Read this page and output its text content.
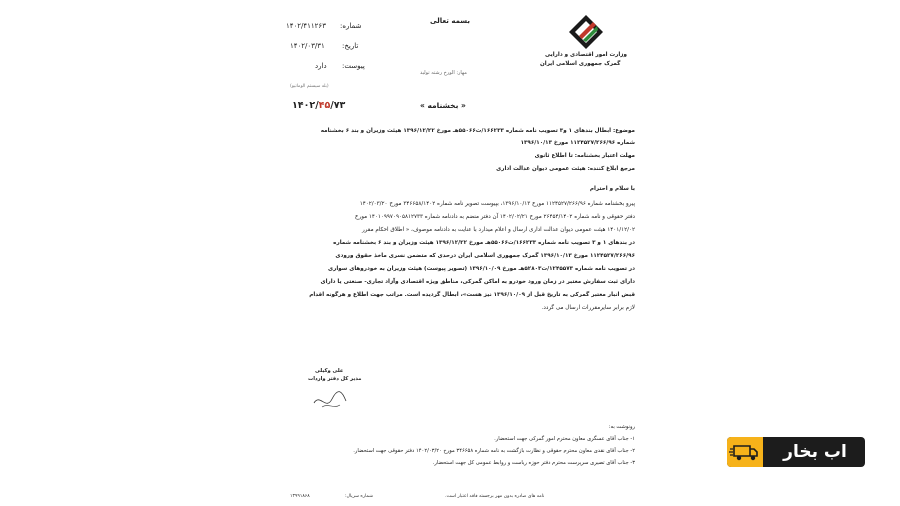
بسمه تعالی
وزارت امور اقتصادی و دارایی
گمرک جمهوری اسلامی ایران
شماره:
۱۴۰۲/۴۱۱۲۶۳
تاریخ:
۱۴۰۲/۰۳/۳۱
پیوست:
دارد
مهار: الورخ رشته تولید
(بله سیستم الوماتیو)
۱۴۰۲/۴۵/۷۳	« بخشنامه »
موضوع: ابطال بندهای ۱ و۳ تصویب نامه شماره ۱۶۶۲۳۳/ت۵۵۰۶۶هـ مورخ ۱۳۹۶/۱۲/۲۲ هیئت وزیران و بند ۶ بخشنامه
شماره ۱۱۲۴۵۲۷/۲۶۶/۹۶ مورخ ۱۳۹۶/۱۰/۱۳
مهلت اعتبار بخشنامه: تا اطلاع ثانوی
مرجع ابلاغ کننده: هیئت عمومی دیوان عدالت اداری
با سلام و احترام
پیرو بخشنامه شماره ۱۱۲۴۵۲۷/۲۶۶/۹۶ مورخ ۱۳۹۶/۱۰/۱۳، بپیوست تصویر نامه شماره ۳۴۶۶۵۸/۱۴۰۲ مورخ ۱۴۰۲/۰۳/۲۰
دفتر حقوقی و نامه شماره ۲۶۴۵۴/۱۴۰۲ مورخ ۱۴۰۲/۰۲/۲۱ آن دفتر منضم به دادنامه شماره ۱۴۰۱۰۹۹۷۰۹۰۵۸۱۲۷۳۳ مورخ
۱۴۰۱/۱۲/۰۲ هیئت عمومی دیوان عدالت اداری ارسال و اعلام میدارد با عنایت به دادنامه موصوف، « اطلاق احکام مقرر
در بندهای ۱ و ۳ تصویب نامه شماره ۱۶۶۲۳۳/ت۵۵۰۶۶هـ مورخ ۱۳۹۶/۱۲/۲۲ هیئت وزیران و بند ۶ بخشنامه شماره
۱۱۲۴۵۲۷/۲۶۶/۹۶ مورخ ۱۳۹۶/۱۰/۱۳ گمرک جمهوری اسلامی ایران درحدی که متضمن نسری ماخذ حقوق ورودی
در تصویب نامه شماره ۱۲۴۵۵۷۳/ت۵۲۸۰۳هـ مورخ ۱۳۹۶/۱۰/۰۹ (تصویر پیوست) هیئت وزیران به خودروهای سواری
دارای ثبت سفارش معتبر در زمان ورود خودرو به اماکن گمرکی، مناطق ویژه اقتصادی وآزاد تجاری- صنعتی یا دارای
قبض انبار معتبر گمرکی به تاریخ قبل از ۱۳۹۶/۱۰/۰۹ نیز هست»، ابطال گردیده است. مراتب جهت اطلاع و هرگونه اقدام
لازم برابر سایرمقررات ارسال می گردد.
علی وکیلی
مدیر کل دفتر واردات
رونوشت به:
۱- جناب آقای عسگری معاون محترم امور گمرکی جهت استحضار.
۲- جناب آقای نقدی معاون محترم حقوقی و نظارت بازگشت به نامه شماره ۳۴۶۶۵۸ مورخ ۱۴۰۲/۰۳/۲۰ دفتر حقوقی جهت استحضار.
۳- جناب آقای تصیری سرپرست محترم دفتر حوزه ریاست و روابط عمومی کل جهت استحضار.
۱۳۹۹۱۸۶۸	شماره سریال:	نامه های صادره بدون مهر برجسته فاقد اعتبار است.
اب بخار
